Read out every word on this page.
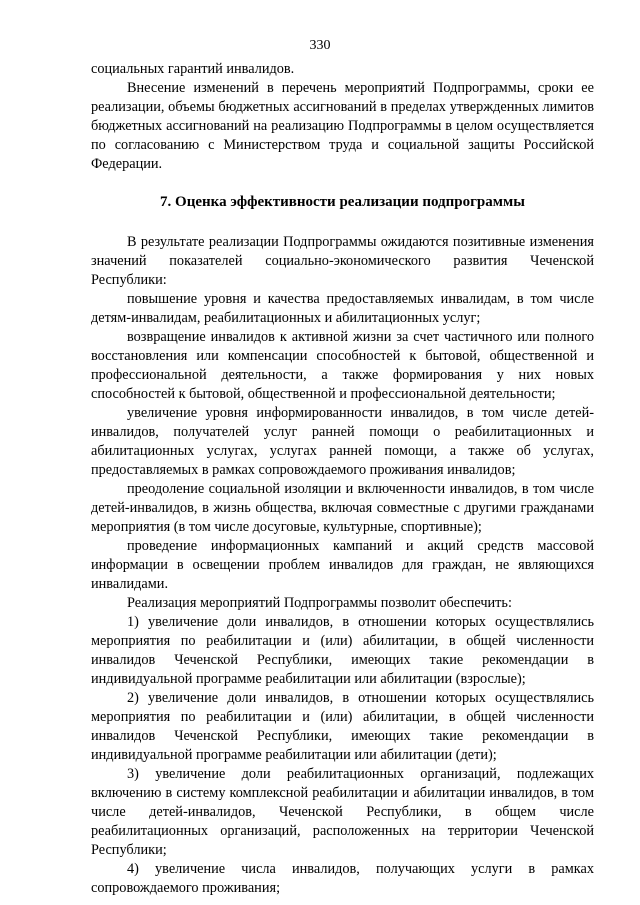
330

социальных гарантий инвалидов.

Внесение изменений в перечень мероприятий Подпрограммы, сроки ее реализации, объемы бюджетных ассигнований в пределах утвержденных лимитов бюджетных ассигнований на реализацию Подпрограммы в целом осуществляется по согласованию с Министерством труда и социальной защиты Российской Федерации.

7. Оценка эффективности реализации подпрограммы

В результате реализации Подпрограммы ожидаются позитивные изменения значений показателей социально-экономического развития Чеченской Республики:

повышение уровня и качества предоставляемых инвалидам, в том числе детям-инвалидам, реабилитационных и абилитационных услуг;

возвращение инвалидов к активной жизни за счет частичного или полного восстановления или компенсации способностей к бытовой, общественной и профессиональной деятельности, а также формирования у них новых способностей к бытовой, общественной и профессиональной деятельности;

увеличение уровня информированности инвалидов, в том числе детей-инвалидов, получателей услуг ранней помощи о реабилитационных и абилитационных услугах, услугах ранней помощи, а также об услугах, предоставляемых в рамках сопровождаемого проживания инвалидов;

преодоление социальной изоляции и включенности инвалидов, в том числе детей-инвалидов, в жизнь общества, включая совместные с другими гражданами мероприятия (в том числе досуговые, культурные, спортивные);

проведение информационных кампаний и акций средств массовой информации в освещении проблем инвалидов для граждан, не являющихся инвалидами.

Реализация мероприятий Подпрограммы позволит обеспечить:

1) увеличение доли инвалидов, в отношении которых осуществлялись мероприятия по реабилитации и (или) абилитации, в общей численности инвалидов Чеченской Республики, имеющих такие рекомендации в индивидуальной программе реабилитации или абилитации (взрослые);

2) увеличение доли инвалидов, в отношении которых осуществлялись мероприятия по реабилитации и (или) абилитации, в общей численности инвалидов Чеченской Республики, имеющих такие рекомендации в индивидуальной программе реабилитации или абилитации (дети);

3) увеличение доли реабилитационных организаций, подлежащих включению в систему комплексной реабилитации и абилитации инвалидов, в том числе детей-инвалидов, Чеченской Республики, в общем числе реабилитационных организаций, расположенных на территории Чеченской Республики;

4) увеличение числа инвалидов, получающих услуги в рамках сопровождаемого проживания;
